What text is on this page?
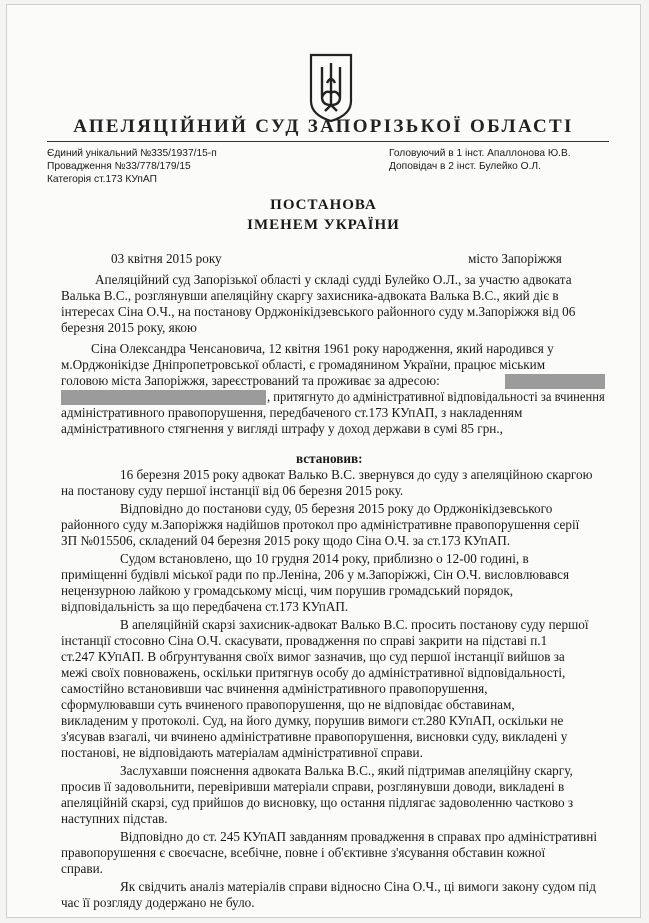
АПЕЛЯЦІЙНИЙ СУД ЗАПОРІЗЬКОЇ ОБЛАСТІ
Єдиний унікальний №335/1937/15-п
Провадження №33/778/179/15
Категорія ст.173 КУпАП
Головуючий в 1 інст. Апаллонова Ю.В.
Доповідач в 2 інст. Булейко О.Л.
ПОСТАНОВА
ІМЕНЕМ УКРАЇНИ
03 квітня 2015 року	місто Запоріжжя
Апеляційний суд Запорізької області у складі судді Булейко О.Л., за участю адвоката
Валька В.С., розглянувши апеляційну скаргу захисника-адвоката Валька В.С., який діє в
інтересах Сіна О.Ч., на постанову Орджонікідзевського районного суду м.Запоріжжя від 06
березня 2015 року, якою
Сіна Олександра Ченсановича, 12 квітня 1961 року народження, який народився у
м.Орджонікідзе Дніпропетровської області, є громадянином України, працює міським
головою міста Запоріжжя, зареєстрований та проживає за адресою:
, притягнуто до адміністративної відповідальності за вчинення
адміністративного правопорушення, передбаченого ст.173 КУпАП, з накладенням
адміністративного стягнення у вигляді штрафу у доход держави в сумі 85 грн.,
встановив:
16 березня 2015 року адвокат Валько В.С. звернувся до суду з апеляційною скаргою
на постанову суду першої інстанції від 06 березня 2015 року.
Відповідно до постанови суду, 05 березня 2015 року до Орджонікідзевського
районного суду м.Запоріжжя надійшов протокол про адміністративне правопорушення серії
ЗП №015506, складений 04 березня 2015 року щодо Сіна О.Ч. за ст.173 КУпАП.
Судом встановлено, що 10 грудня 2014 року, приблизно о 12-00 годині, в
приміщенні будівлі міської ради по пр.Леніна, 206 у м.Запоріжжі, Сін О.Ч. висловлювався
нецензурною лайкою у громадському місці, чим порушив громадський порядок,
відповідальність за що передбачена ст.173 КУпАП.
В апеляційній скарзі захисник-адвокат Валько В.С. просить постанову суду першої
інстанції стосовно Сіна О.Ч. скасувати, провадження по справі закрити на підставі п.1
ст.247 КУпАП. В обґрунтування своїх вимог зазначив, що суд першої інстанції вийшов за
межі своїх повноважень, оскільки притягнув особу до адміністративної відповідальності,
самостійно встановивши час вчинення адміністративного правопорушення,
сформулювавши суть вчиненого правопорушення, що не відповідає обставинам,
викладеним у протоколі. Суд, на його думку, порушив вимоги ст.280 КУпАП, оскільки не
з'ясував взагалі, чи вчинено адміністративне правопорушення, висновки суду, викладені у
постанові, не відповідають матеріалам адміністративної справи.
Заслухавши пояснення адвоката Валька В.С., який підтримав апеляційну скаргу,
просив її задовольнити, перевіривши матеріали справи, розглянувши доводи, викладені в
апеляційній скарзі, суд прийшов до висновку, що остання підлягає задоволенню частково з
наступних підстав.
Відповідно до ст. 245 КУпАП завданням провадження в справах про адміністративні
правопорушення є своєчасне, всебічне, повне і об'єктивне з'ясування обставин кожної
справи.
Як свідчить аналіз матеріалів справи відносно Сіна О.Ч., ці вимоги закону судом під
час її розгляду додержано не було.
